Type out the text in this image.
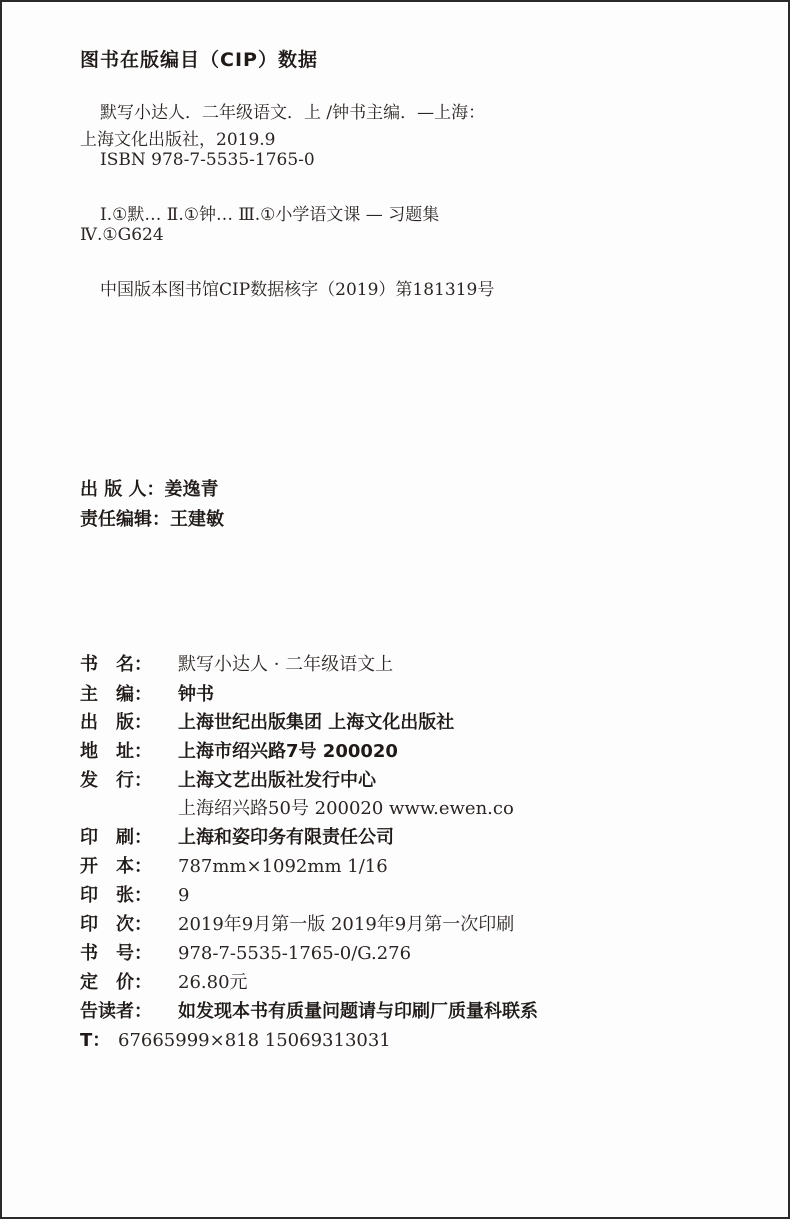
图书在版编目（CIP）数据
默写小达人．二年级语文．上 /钟书主编．—上海：
上海文化出版社，2019.9
ISBN 978-7-5535-1765-0
Ⅰ.①默… Ⅱ.①钟… Ⅲ.①小学语文课 — 习题集
Ⅳ.①G624
中国版本图书馆CIP数据核字（2019）第181319号
出 版 人：姜逸青
责任编辑：王建敏
书　名： 默写小达人 · 二年级语文上
主　编： 钟书
出　版： 上海世纪出版集团 上海文化出版社
地　址： 上海市绍兴路7号 200020
发　行： 上海文艺出版社发行中心
上海绍兴路50号 200020 www.ewen.co
印　刷： 上海和姿印务有限责任公司
开　本： 787mm×1092mm 1/16
印　张： 9
印　次： 2019年9月第一版 2019年9月第一次印刷
书　号： 978-7-5535-1765-0/G.276
定　价： 26.80元
告读者： 如发现本书有质量问题请与印刷厂质量科联系
T： 67665999×818 15069313031
